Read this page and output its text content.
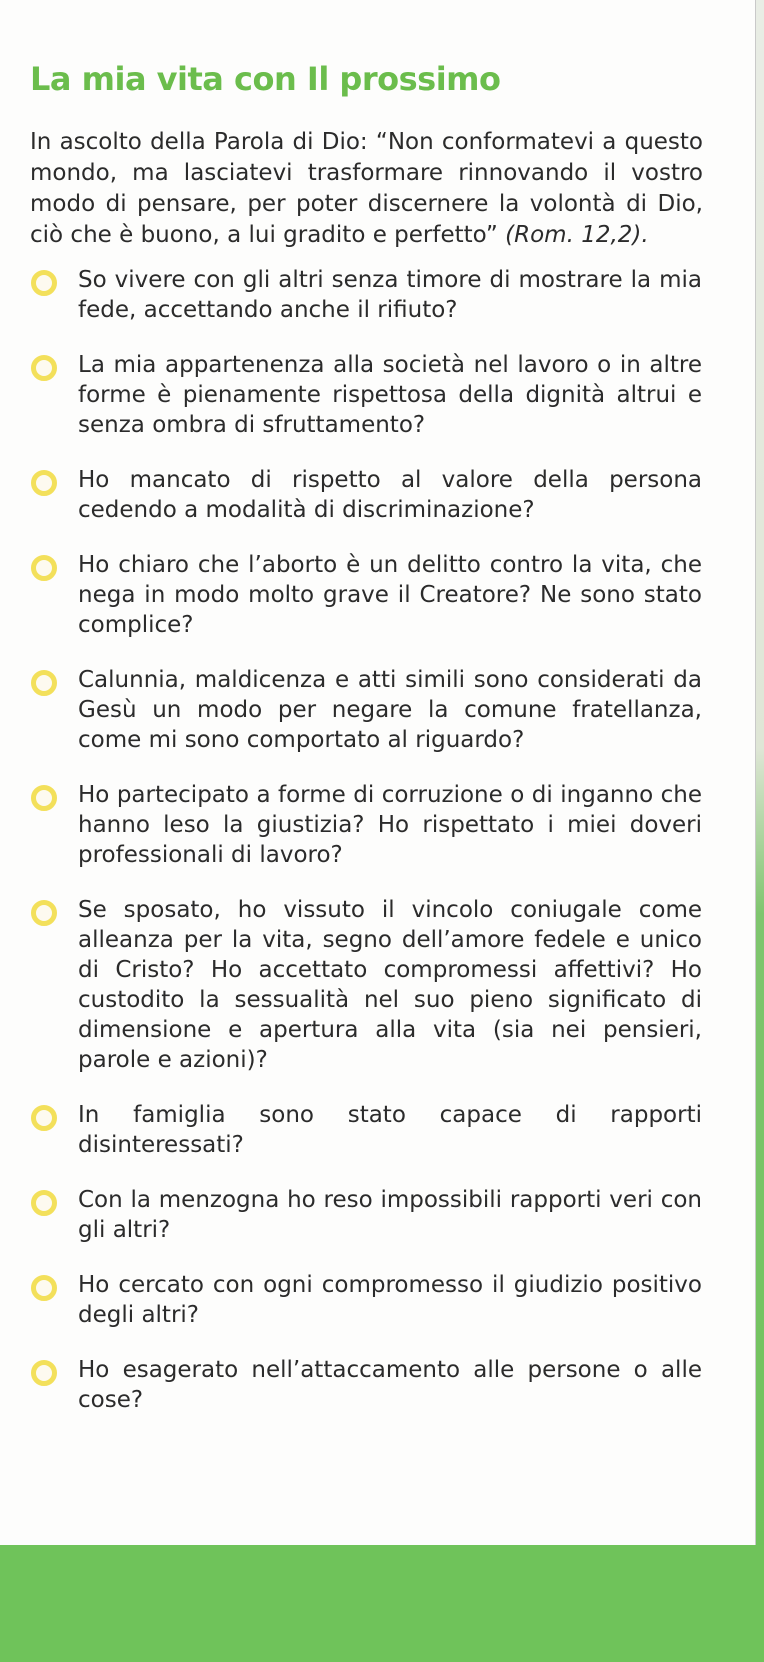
La mia vita con Il prossimo

In ascolto della Parola di Dio: “Non conformatevi a questo mondo, ma lasciatevi trasformare rinnovando il vostro modo di pensare, per poter discernere la volontà di Dio, ciò che è buono, a lui gradito e perfetto” (Rom. 12,2).

So vivere con gli altri senza timore di mostrare la mia fede, accettando anche il rifiuto?
La mia appartenenza alla società nel lavoro o in altre forme è pienamente rispettosa della dignità altrui e senza ombra di sfruttamento?
Ho mancato di rispetto al valore della persona cedendo a modalità di discriminazione?
Ho chiaro che l’aborto è un delitto contro la vita, che nega in modo molto grave il Creatore? Ne sono stato complice?
Calunnia, maldicenza e atti simili sono considerati da Gesù un modo per negare la comune fratellanza, come mi sono comportato al riguardo?
Ho partecipato a forme di corruzione o di inganno che hanno leso la giustizia? Ho rispettato i miei doveri professionali di lavoro?
Se sposato, ho vissuto il vincolo coniugale come alleanza per la vita, segno dell’amore fedele e unico di Cristo? Ho accettato compromessi affettivi? Ho custodito la sessualità nel suo pieno significato di dimensione e apertura alla vita (sia nei pensieri, parole e azioni)?
In famiglia sono stato capace di rapporti disinteressati?
Con la menzogna ho reso impossibili rapporti veri con gli altri?
Ho cercato con ogni compromesso il giudizio positivo degli altri?
Ho esagerato nell’attaccamento alle persone o alle cose?
